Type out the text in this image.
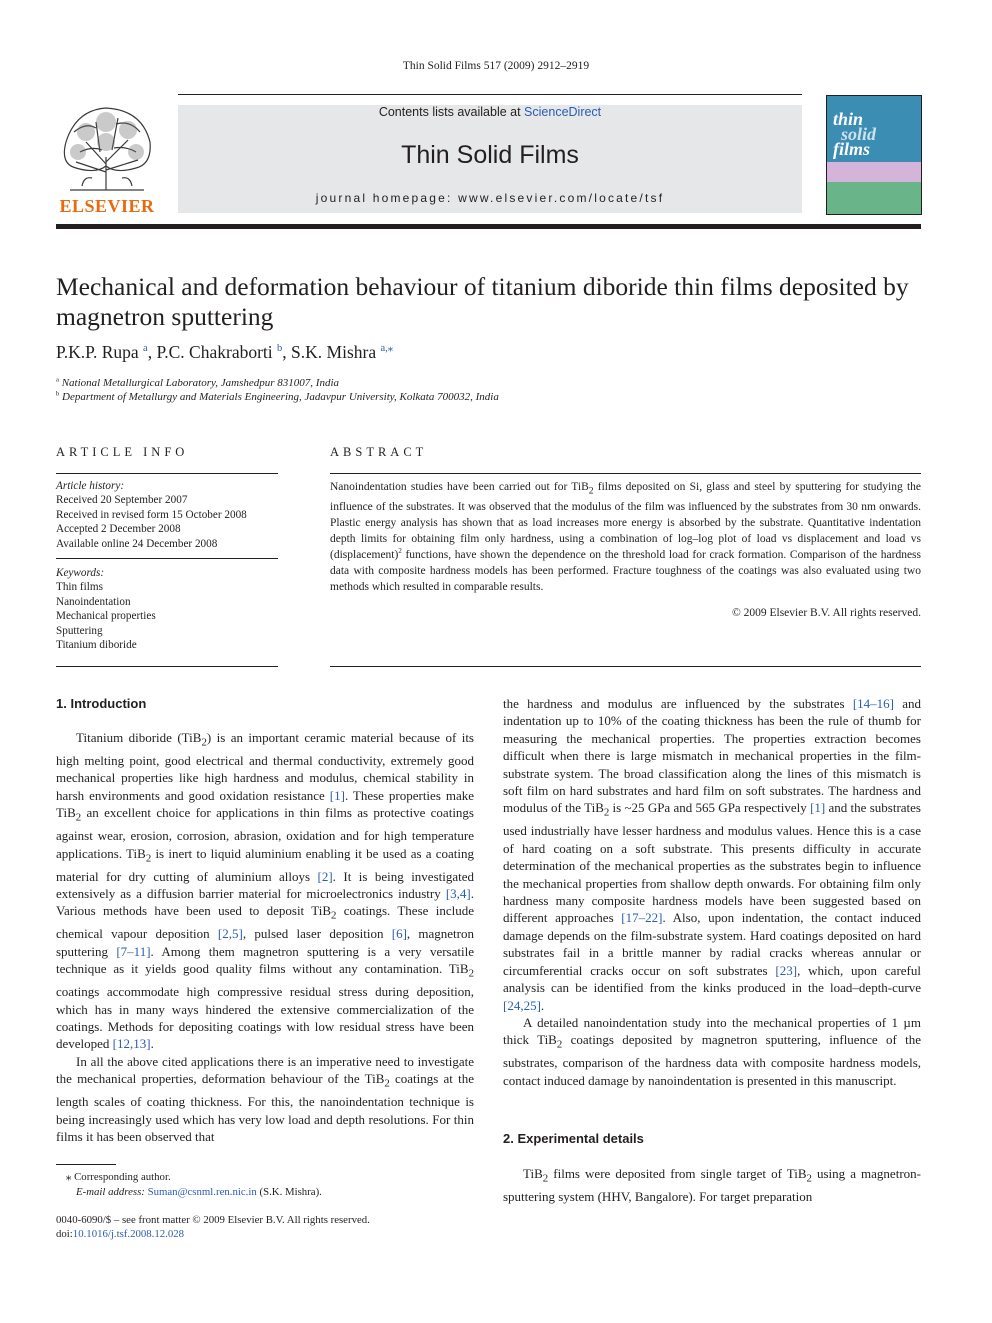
Thin Solid Films 517 (2009) 2912–2919
ELSEVIER
Contents lists available at ScienceDirect
Thin Solid Films
journal homepage: www.elsevier.com/locate/tsf
thin
solid
films
Mechanical and deformation behaviour of titanium diboride thin films deposited by magnetron sputtering
P.K.P. Rupa $^a$, P.C. Chakraborti $^b$, S.K. Mishra $^{a,⁎}$
$^a$ National Metallurgical Laboratory, Jamshedpur 831007, India
$^b$ Department of Metallurgy and Materials Engineering, Jadavpur University, Kolkata 700032, India
ARTICLE INFO
Article history:
Received 20 September 2007
Received in revised form 15 October 2008
Accepted 2 December 2008
Available online 24 December 2008
Keywords:
Thin films
Nanoindentation
Mechanical properties
Sputtering
Titanium diboride
ABSTRACT
Nanoindentation studies have been carried out for TiB$_2$ films deposited on Si, glass and steel by sputtering for studying the influence of the substrates. It was observed that the modulus of the film was influenced by the substrates from 30 nm onwards. Plastic energy analysis has shown that as load increases more energy is absorbed by the substrate. Quantitative indentation depth limits for obtaining film only hardness, using a combination of log–log plot of load vs displacement and load vs (displacement)$^2$ functions, have shown the dependence on the threshold load for crack formation. Comparison of the hardness data with composite hardness models has been performed. Fracture toughness of the coatings was also evaluated using two methods which resulted in comparable results.
© 2009 Elsevier B.V. All rights reserved.
1. Introduction

Titanium diboride (TiB$_2$) is an important ceramic material because of its high melting point, good electrical and thermal conductivity, extremely good mechanical properties like high hardness and modulus, chemical stability in harsh environments and good oxidation resistance [1]. These properties make TiB$_2$ an excellent choice for applications in thin films as protective coatings against wear, erosion, corrosion, abrasion, oxidation and for high temperature applications. TiB$_2$ is inert to liquid aluminium enabling it be used as a coating material for dry cutting of aluminium alloys [2]. It is being investigated extensively as a diffusion barrier material for microelectronics industry [3,4]. Various methods have been used to deposit TiB$_2$ coatings. These include chemical vapour deposition [2,5], pulsed laser deposition [6], magnetron sputtering [7–11]. Among them magnetron sputtering is a very versatile technique as it yields good quality films without any contamination. TiB$_2$ coatings accommodate high compressive residual stress during deposition, which has in many ways hindered the extensive commercialization of the coatings. Methods for depositing coatings with low residual stress have been developed [12,13].

In all the above cited applications there is an imperative need to investigate the mechanical properties, deformation behaviour of the TiB$_2$ coatings at the length scales of coating thickness. For this, the nanoindentation technique is being increasingly used which has very low load and depth resolutions. For thin films it has been observed that

the hardness and modulus are influenced by the substrates [14–16] and indentation up to 10% of the coating thickness has been the rule of thumb for measuring the mechanical properties. The properties extraction becomes difficult when there is large mismatch in mechanical properties in the film-substrate system. The broad classification along the lines of this mismatch is soft film on hard substrates and hard film on soft substrates. The hardness and modulus of the TiB$_2$ is ~25 GPa and 565 GPa respectively [1] and the substrates used industrially have lesser hardness and modulus values. Hence this is a case of hard coating on a soft substrate. This presents difficulty in accurate determination of the mechanical properties as the substrates begin to influence the mechanical properties from shallow depth onwards. For obtaining film only hardness many composite hardness models have been suggested based on different approaches [17–22]. Also, upon indentation, the contact induced damage depends on the film-substrate system. Hard coatings deposited on hard substrates fail in a brittle manner by radial cracks whereas annular or circumferential cracks occur on soft substrates [23], which, upon careful analysis can be identified from the kinks produced in the load–depth-curve [24,25].

A detailed nanoindentation study into the mechanical properties of 1 µm thick TiB$_2$ coatings deposited by magnetron sputtering, influence of the substrates, comparison of the hardness data with composite hardness models, contact induced damage by nanoindentation is presented in this manuscript.

2. Experimental details

TiB$_2$ films were deposited from single target of TiB$_2$ using a magnetron-sputtering system (HHV, Bangalore). For target preparation

⁎ Corresponding author.
E-mail address: Suman@csnml.ren.nic.in (S.K. Mishra).
0040-6090/$ – see front matter © 2009 Elsevier B.V. All rights reserved.
doi:10.1016/j.tsf.2008.12.028
